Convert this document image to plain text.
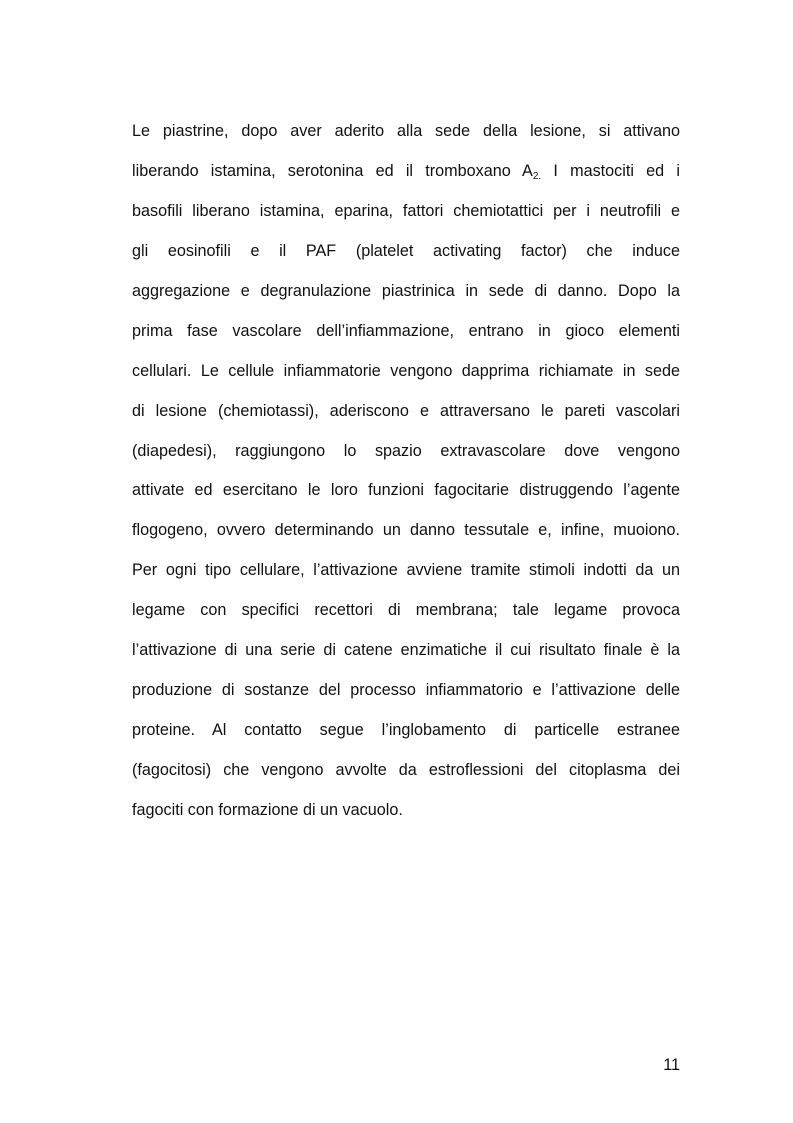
Le piastrine, dopo aver aderito alla sede della lesione, si attivano
liberando istamina, serotonina ed il tromboxano $A_{2.}$ I mastociti ed i
basofili liberano istamina, eparina, fattori chemiotattici per i neutrofili e
gli eosinofili e il PAF (platelet activating factor) che induce
aggregazione e degranulazione piastrinica in sede di danno. Dopo la
prima fase vascolare dell’infiammazione, entrano in gioco elementi
cellulari. Le cellule infiammatorie vengono dapprima richiamate in sede
di lesione (chemiotassi), aderiscono e attraversano le pareti vascolari
(diapedesi), raggiungono lo spazio extravascolare dove vengono
attivate ed esercitano le loro funzioni fagocitarie distruggendo l’agente
flogogeno, ovvero determinando un danno tessutale e, infine, muoiono.
Per ogni tipo cellulare, l’attivazione avviene tramite stimoli indotti da un
legame con specifici recettori di membrana; tale legame provoca
l’attivazione di una serie di catene enzimatiche il cui risultato finale è la
produzione di sostanze del processo infiammatorio e l’attivazione delle
proteine. Al contatto segue l’inglobamento di particelle estranee
(fagocitosi) che vengono avvolte da estroflessioni del citoplasma dei
fagociti con formazione di un vacuolo.
11
